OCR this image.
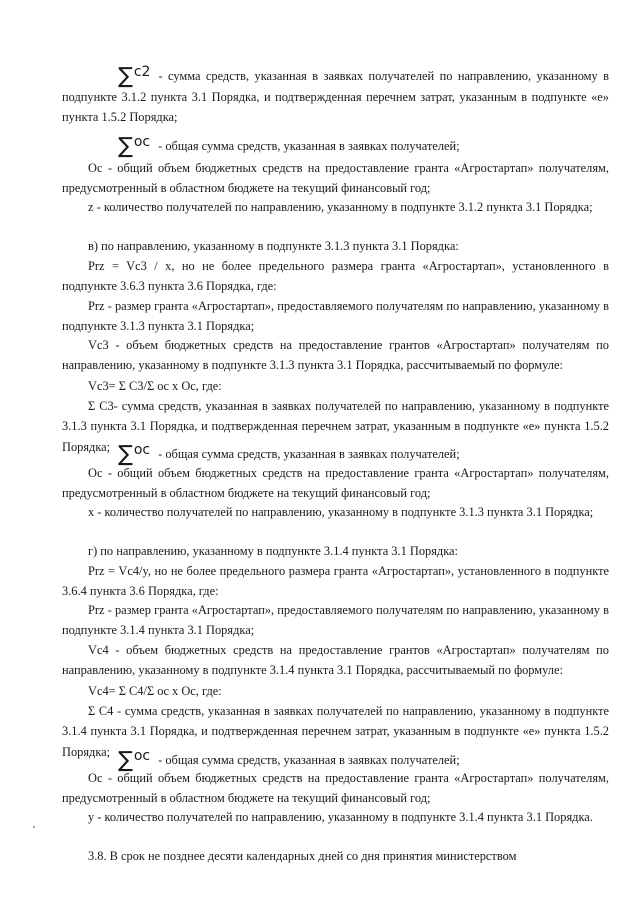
∑с2 - сумма средств, указанная в заявках получателей по направлению, указанному в подпункте 3.1.2 пункта 3.1 Порядка, и подтвержденная перечнем затрат, указанным в подпункте «е» пункта 1.5.2 Порядка;

∑ос - общая сумма средств, указанная в заявках получателей;

Ос - общий объем бюджетных средств на предоставление гранта «Агростартап» получателям, предусмотренный в областном бюджете на текущий финансовый год;

z - количество получателей по направлению, указанному в подпункте 3.1.2 пункта 3.1 Порядка;

в) по направлению, указанному в подпункте 3.1.3 пункта 3.1 Порядка:

Prz = Vc3 / x, но не более предельного размера гранта «Агростартап», установленного в подпункте 3.6.3 пункта 3.6 Порядка, где:

Prz - размер гранта «Агростартап», предоставляемого получателям по направлению, указанному в подпункте 3.1.3 пункта 3.1 Порядка;

Vc3 - объем бюджетных средств на предоставление грантов «Агростартап» получателям по направлению, указанному в подпункте 3.1.3 пункта 3.1 Порядка, рассчитываемый по формуле:

Vc3= Σ C3/Σ oc x Oc, где:

Σ С3- сумма средств, указанная в заявках получателей по направлению, указанному в подпункте 3.1.3 пункта 3.1 Порядка, и подтвержденная перечнем затрат, указанным в подпункте «е» пункта 1.5.2 Порядка; ∑ос - общая сумма средств, указанная в заявках получателей;

Ос - общий объем бюджетных средств на предоставление гранта «Агростартап» получателям, предусмотренный в областном бюджете на текущий финансовый год;

x - количество получателей по направлению, указанному в подпункте 3.1.3 пункта 3.1 Порядка;

г) по направлению, указанному в подпункте 3.1.4 пункта 3.1 Порядка:

Prz = Vc4/y, но не более предельного размера гранта «Агростартап», установленного в подпункте 3.6.4 пункта 3.6 Порядка, где:

Prz - размер гранта «Агростартап», предоставляемого получателям по направлению, указанному в подпункте 3.1.4 пункта 3.1 Порядка;

Vc4 - объем бюджетных средств на предоставление грантов «Агростартап» получателям по направлению, указанному в подпункте 3.1.4 пункта 3.1 Порядка, рассчитываемый по формуле:

Vc4= Σ C4/Σ oc x Oc, где:

Σ С4 - сумма средств, указанная в заявках получателей по направлению, указанному в подпункте 3.1.4 пункта 3.1 Порядка, и подтвержденная перечнем затрат, указанным в подпункте «е» пункта 1.5.2 Порядка; ∑ос - общая сумма средств, указанная в заявках получателей;

Ос - общий объем бюджетных средств на предоставление гранта «Агростартап» получателям, предусмотренный в областном бюджете на текущий финансовый год;

у - количество получателей по направлению, указанному в подпункте 3.1.4 пункта 3.1 Порядка.

3.8. В срок не позднее десяти календарных дней со дня принятия министерством
